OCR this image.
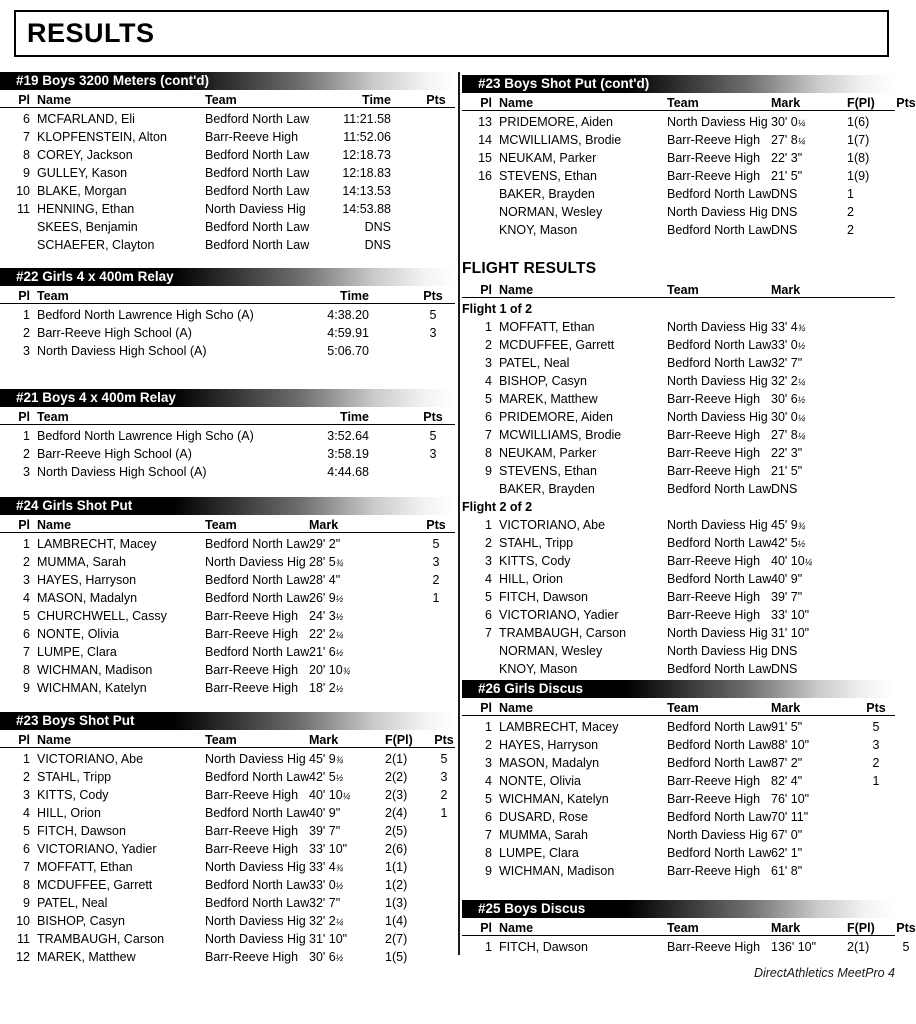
RESULTS
#19 Boys 3200 Meters (cont'd)
Pl Name	Team	Time	Pts
6 MCFARLAND, Eli	Bedford North Law	11:21.58
7 KLOPFENSTEIN, Alton	Barr-Reeve High	11:52.06
8 COREY, Jackson	Bedford North Law	12:18.73
9 GULLEY, Kason	Bedford North Law	12:18.83
10 BLAKE, Morgan	Bedford North Law	14:13.53
11 HENNING, Ethan	North Daviess Hig	14:53.88
SKEES, Benjamin	Bedford North Law	DNS
SCHAEFER, Clayton	Bedford North Law	DNS
#22 Girls 4 x 400m Relay
Pl Team	Time	Pts
1 Bedford North Lawrence High Scho (A)	4:38.20	5
2 Barr-Reeve High School (A)	4:59.91	3
3 North Daviess High School (A)	5:06.70
#21 Boys 4 x 400m Relay
Pl Team	Time	Pts
1 Bedford North Lawrence High Scho (A)	3:52.64	5
2 Barr-Reeve High School (A)	3:58.19	3
3 North Daviess High School (A)	4:44.68
#24 Girls Shot Put
Pl Name	Team	Mark	Pts
1 LAMBRECHT, Macey	Bedford North Law 29' 2"	5
2 MUMMA, Sarah	North Daviess Hig 28' 5¾	3
3 HAYES, Harryson	Bedford North Law 28' 4"	2
4 MASON, Madalyn	Bedford North Law 26' 9½	1
5 CHURCHWELL, Cassy	Barr-Reeve High 24' 3½
6 NONTE, Olivia	Barr-Reeve High 22' 2¼
7 LUMPE, Clara	Bedford North Law 21' 6½
8 WICHMAN, Madison	Barr-Reeve High 20' 10¾
9 WICHMAN, Katelyn	Barr-Reeve High 18' 2½
#23 Boys Shot Put
Pl Name	Team	Mark	F(Pl)	Pts
1 VICTORIANO, Abe	North Daviess Hig 45' 9¾	2(1)	5
2 STAHL, Tripp	Bedford North Law 42' 5½	2(2)	3
3 KITTS, Cody	Barr-Reeve High 40' 10¼	2(3)	2
4 HILL, Orion	Bedford North Law 40' 9"	2(4)	1
5 FITCH, Dawson	Barr-Reeve High 39' 7"	2(5)
6 VICTORIANO, Yadier	Barr-Reeve High 33' 10"	2(6)
7 MOFFATT, Ethan	North Daviess Hig 33' 4¾	1(1)
8 MCDUFFEE, Garrett	Bedford North Law 33' 0½	1(2)
9 PATEL, Neal	Bedford North Law 32' 7"	1(3)
10 BISHOP, Casyn	North Daviess Hig 32' 2¼	1(4)
11 TRAMBAUGH, Carson	North Daviess Hig 31' 10"	2(7)
12 MAREK, Matthew	Barr-Reeve High 30' 6½	1(5)
#23 Boys Shot Put (cont'd)
Pl Name	Team	Mark	F(Pl)	Pts
13 PRIDEMORE, Aiden	North Daviess Hig 30' 0¼	1(6)
14 MCWILLIAMS, Brodie	Barr-Reeve High 27' 8¼	1(7)
15 NEUKAM, Parker	Barr-Reeve High 22' 3"	1(8)
16 STEVENS, Ethan	Barr-Reeve High 21' 5"	1(9)
BAKER, Brayden	Bedford North Law DNS	1
NORMAN, Wesley	North Daviess Hig DNS	2
KNOY, Mason	Bedford North Law DNS	2
FLIGHT RESULTS
Pl Name	Team	Mark
Flight 1 of 2
1 MOFFATT, Ethan	North Daviess Hig 33' 4¾
2 MCDUFFEE, Garrett	Bedford North Law 33' 0½
3 PATEL, Neal	Bedford North Law 32' 7"
4 BISHOP, Casyn	North Daviess Hig 32' 2¼
5 MAREK, Matthew	Barr-Reeve High 30' 6½
6 PRIDEMORE, Aiden	North Daviess Hig 30' 0¼
7 MCWILLIAMS, Brodie	Barr-Reeve High 27' 8¼
8 NEUKAM, Parker	Barr-Reeve High 22' 3"
9 STEVENS, Ethan	Barr-Reeve High 21' 5"
BAKER, Brayden	Bedford North Law DNS
Flight 2 of 2
1 VICTORIANO, Abe	North Daviess Hig 45' 9¾
2 STAHL, Tripp	Bedford North Law 42' 5½
3 KITTS, Cody	Barr-Reeve High 40' 10¼
4 HILL, Orion	Bedford North Law 40' 9"
5 FITCH, Dawson	Barr-Reeve High 39' 7"
6 VICTORIANO, Yadier	Barr-Reeve High 33' 10"
7 TRAMBAUGH, Carson	North Daviess Hig 31' 10"
NORMAN, Wesley	North Daviess Hig DNS
KNOY, Mason	Bedford North Law DNS
#26 Girls Discus
Pl Name	Team	Mark	Pts
1 LAMBRECHT, Macey	Bedford North Law 91' 5"	5
2 HAYES, Harryson	Bedford North Law 88' 10"	3
3 MASON, Madalyn	Bedford North Law 87' 2"	2
4 NONTE, Olivia	Barr-Reeve High 82' 4"	1
5 WICHMAN, Katelyn	Barr-Reeve High 76' 10"
6 DUSARD, Rose	Bedford North Law 70' 11"
7 MUMMA, Sarah	North Daviess Hig 67' 0"
8 LUMPE, Clara	Bedford North Law 62' 1"
9 WICHMAN, Madison	Barr-Reeve High 61' 8"
#25 Boys Discus
Pl Name	Team	Mark	F(Pl)	Pts
1 FITCH, Dawson	Barr-Reeve High 136' 10"	2(1)	5
DirectAthletics MeetPro 4
